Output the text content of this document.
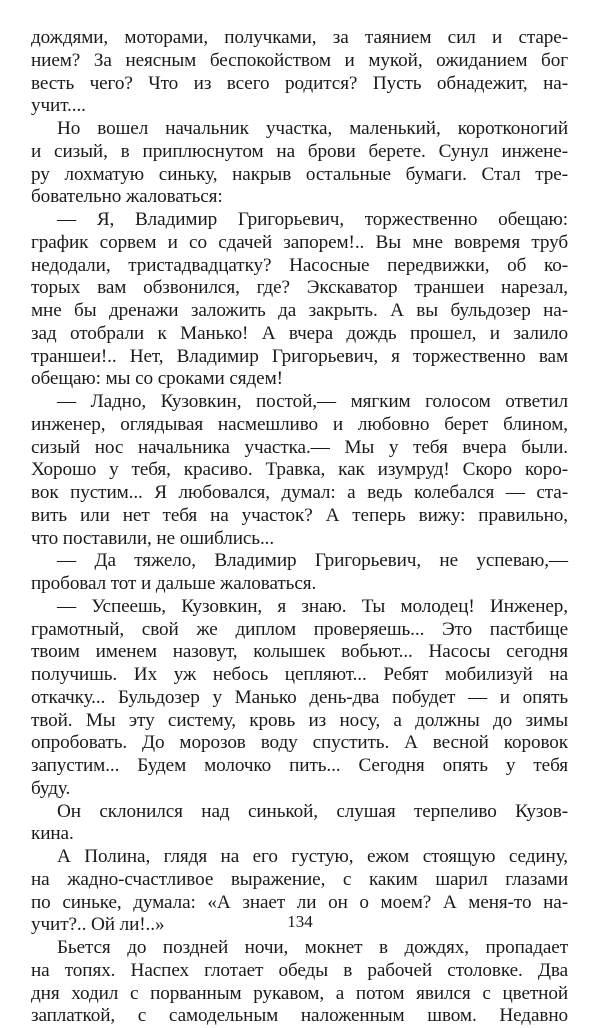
дождями, моторами, получками, за таянием сил и старе-
нием? За неясным беспокойством и мукой, ожиданием бог
весть чего? Что из всего родится? Пусть обнадежит, на-
учит....
Но вошел начальник участка, маленький, коротконогий
и сизый, в приплюснутом на брови берете. Сунул инжене-
ру лохматую синьку, накрыв остальные бумаги. Стал тре-
бовательно жаловаться:
— Я, Владимир Григорьевич, торжественно обещаю:
график сорвем и со сдачей запорем!.. Вы мне вовремя труб
недодали, тристадвадцатку? Насосные передвижки, об ко-
торых вам обзвонился, где? Экскаватор траншеи нарезал,
мне бы дренажи заложить да закрыть. А вы бульдозер на-
зад отобрали к Манько! А вчера дождь прошел, и залило
траншеи!.. Нет, Владимир Григорьевич, я торжественно вам
обещаю: мы со сроками сядем!
— Ладно, Кузовкин, постой,— мягким голосом ответил
инженер, оглядывая насмешливо и любовно берет блином,
сизый нос начальника участка.— Мы у тебя вчера были.
Хорошо у тебя, красиво. Травка, как изумруд! Скоро коро-
вок пустим... Я любовался, думал: а ведь колебался — ста-
вить или нет тебя на участок? А теперь вижу: правильно,
что поставили, не ошиблись...
— Да тяжело, Владимир Григорьевич, не успеваю,—
пробовал тот и дальше жаловаться.
— Успеешь, Кузовкин, я знаю. Ты молодец! Инженер,
грамотный, свой же диплом проверяешь... Это пастбище
твоим именем назовут, колышек вобьют... Насосы сегодня
получишь. Их уж небось цепляют... Ребят мобилизуй на
откачку... Бульдозер у Манько день-два побудет — и опять
твой. Мы эту систему, кровь из носу, а должны до зимы
опробовать. До морозов воду спустить. А весной коровок
запустим... Будем молочко пить... Сегодня опять у тебя
буду.
Он склонился над синькой, слушая терпеливо Кузов-
кина.
А Полина, глядя на его густую, ежом стоящую седину,
на жадно-счастливое выражение, с каким шарил глазами
по синьке, думала: «А знает ли он о моем? А меня-то на-
учит?.. Ой ли!..»
Бьется до поздней ночи, мокнет в дождях, пропадает
на топях. Наспех глотает обеды в рабочей столовке. Два
дня ходил с порванным рукавом, а потом явился с цветной
заплаткой, с самодельным наложенным швом. Недавно
134
